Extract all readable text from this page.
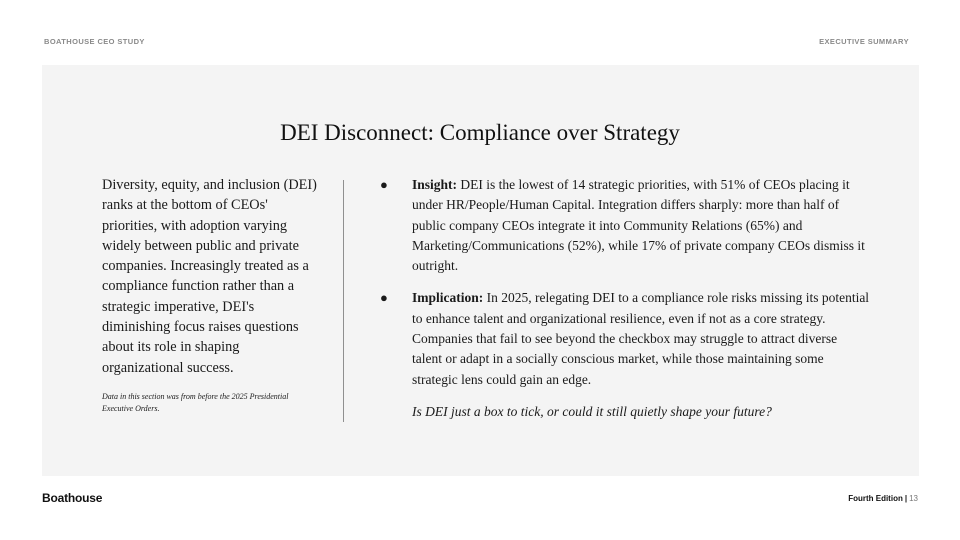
BOATHOUSE CEO STUDY	EXECUTIVE SUMMARY
DEI Disconnect: Compliance over Strategy

Diversity, equity, and inclusion (DEI) ranks at the bottom of CEOs' priorities, with adoption varying widely between public and private companies. Increasingly treated as a compliance function rather than a strategic imperative, DEI's diminishing focus raises questions about its role in shaping organizational success.

Data in this section was from before the 2025 Presidential Executive Orders.
● Insight: DEI is the lowest of 14 strategic priorities, with 51% of CEOs placing it under HR/People/Human Capital. Integration differs sharply: more than half of public company CEOs integrate it into Community Relations (65%) and Marketing/Communications (52%), while 17% of private company CEOs dismiss it outright.
● Implication: In 2025, relegating DEI to a compliance role risks missing its potential to enhance talent and organizational resilience, even if not as a core strategy. Companies that fail to see beyond the checkbox may struggle to attract diverse talent or adapt in a socially conscious market, while those maintaining some strategic lens could gain an edge.
Is DEI just a box to tick, or could it still quietly shape your future?
Boathouse	Fourth Edition | 13
